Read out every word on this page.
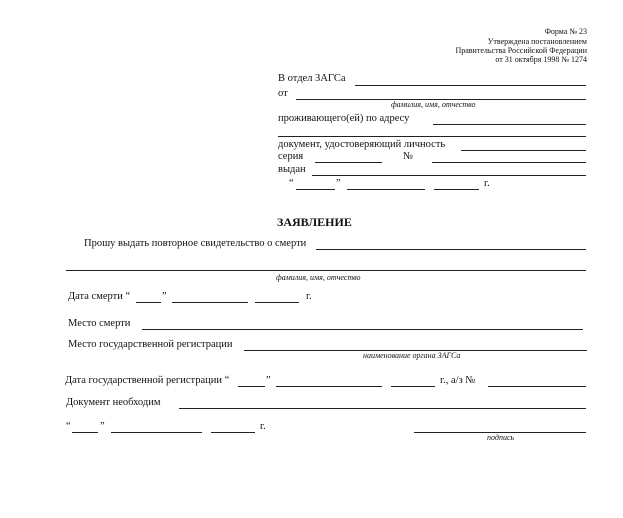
Форма № 23
Утверждена постановлением
Правительства Российской Федерации
от 31 октября 1998 № 1274
В отдел ЗАГСа
от
фамилия, имя, отчество
проживающего(ей) по адресу
документ, удостоверяющий личность
серия	№
выдан
“	”	г.
ЗАЯВЛЕНИЕ
Прошу выдать повторное свидетельство о смерти
фамилия, имя, отчество
Дата смерти “	”	г.
Место смерти
Место государственной регистрации
наименование органа ЗАГСа
Дата государственной регистрации “	”	г., а/з №
Документ необходим
“	”	г.
подпись
